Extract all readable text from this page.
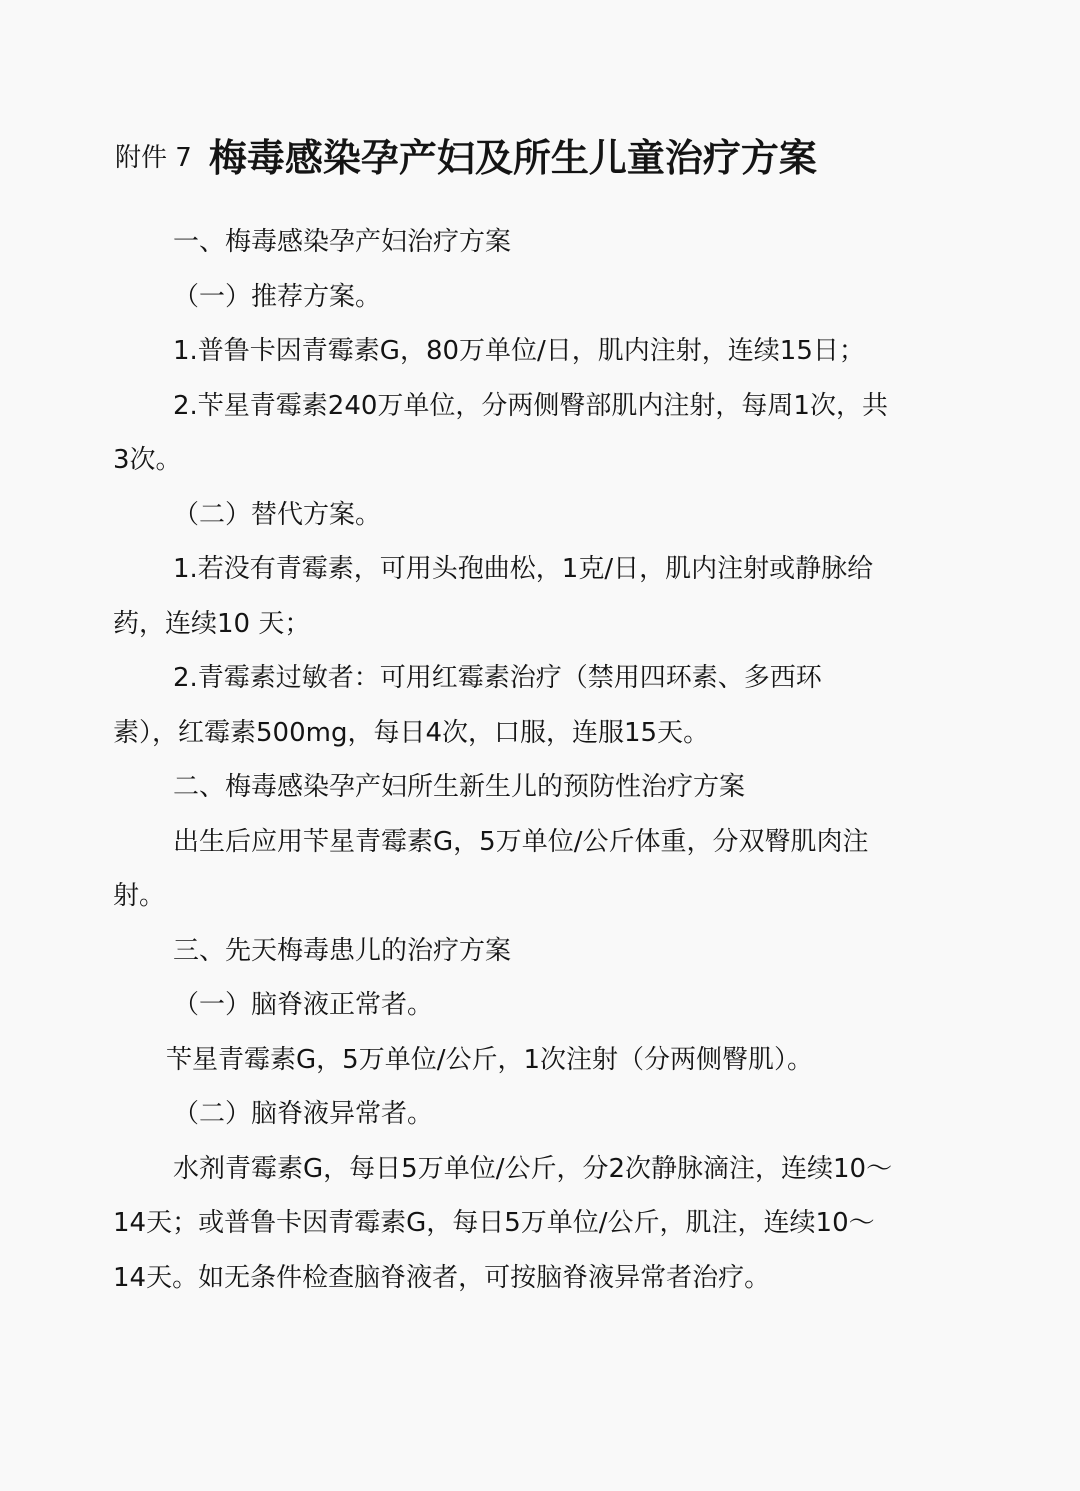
附件 7 梅毒感染孕产妇及所生儿童治疗方案
一、梅毒感染孕产妇治疗方案
（一）推荐方案。
1.普鲁卡因青霉素G，80万单位/日，肌内注射，连续15日；
2.苄星青霉素240万单位，分两侧臀部肌内注射，每周1次，共
3次。
（二）替代方案。
1.若没有青霉素，可用头孢曲松，1克/日，肌内注射或静脉给
药，连续10 天；
2.青霉素过敏者：可用红霉素治疗（禁用四环素、多西环
素），红霉素500mg，每日4次，口服，连服15天。
二、梅毒感染孕产妇所生新生儿的预防性治疗方案
出生后应用苄星青霉素G，5万单位/公斤体重，分双臀肌肉注
射。
三、先天梅毒患儿的治疗方案
（一）脑脊液正常者。
苄星青霉素G，5万单位/公斤，1次注射（分两侧臀肌）。
（二）脑脊液异常者。
水剂青霉素G，每日5万单位/公斤，分2次静脉滴注，连续10～
14天；或普鲁卡因青霉素G，每日5万单位/公斤，肌注，连续10～
14天。如无条件检查脑脊液者，可按脑脊液异常者治疗。
